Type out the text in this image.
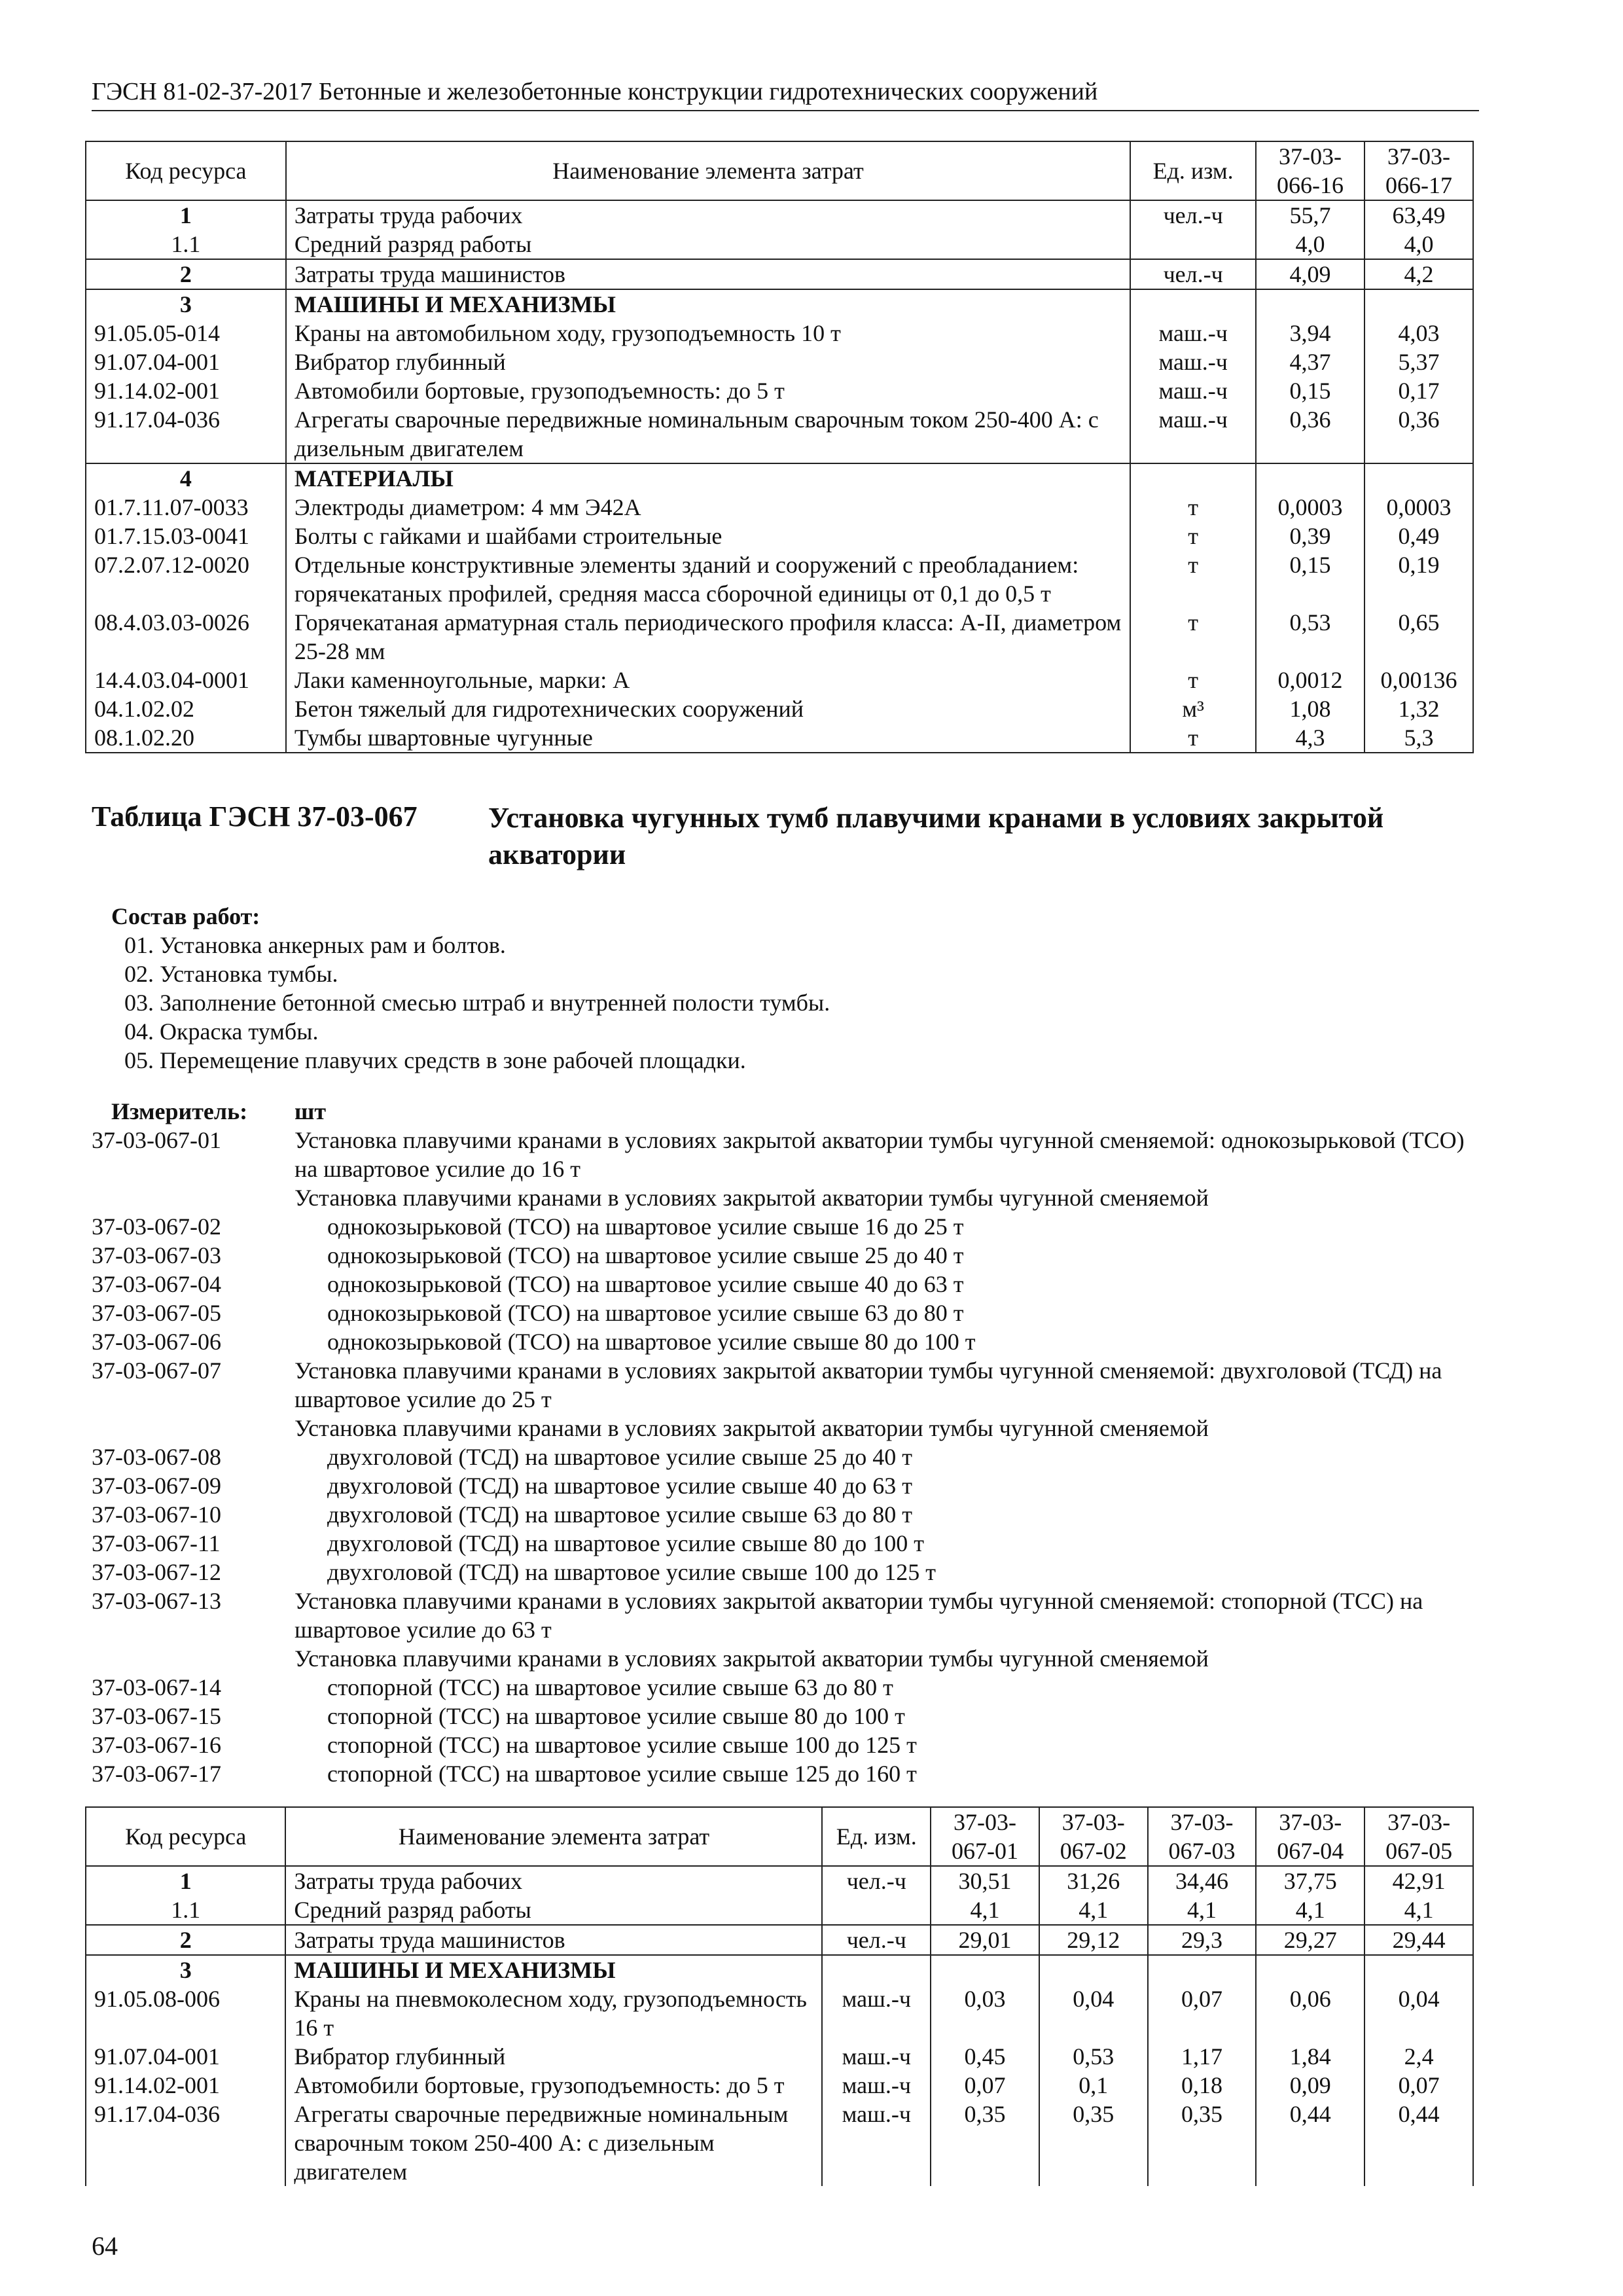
ГЭСН 81-02-37-2017 Бетонные и железобетонные конструкции гидротехнических сооружений
Код ресурса	Наименование элемента затрат	Ед. изм.	37-03-066-16	37-03-066-17
1	Затраты труда рабочих	чел.-ч	55,7	63,49
1.1	Средний разряд работы		4,0	4,0
2	Затраты труда машинистов	чел.-ч	4,09	4,2
3	МАШИНЫ И МЕХАНИЗМЫ			
91.05.05-014	Краны на автомобильном ходу, грузоподъемность 10 т	маш.-ч	3,94	4,03
91.07.04-001	Вибратор глубинный	маш.-ч	4,37	5,37
91.14.02-001	Автомобили бортовые, грузоподъемность: до 5 т	маш.-ч	0,15	0,17
91.17.04-036	Агрегаты сварочные передвижные номинальным сварочным током 250-400 А: с дизельным двигателем	маш.-ч	0,36	0,36
4	МАТЕРИАЛЫ			
01.7.11.07-0033	Электроды диаметром: 4 мм Э42А	т	0,0003	0,0003
01.7.15.03-0041	Болты с гайками и шайбами строительные	т	0,39	0,49
07.2.07.12-0020	Отдельные конструктивные элементы зданий и сооружений с преобладанием: горячекатаных профилей, средняя масса сборочной единицы от 0,1 до 0,5 т	т	0,15	0,19
08.4.03.03-0026	Горячекатаная арматурная сталь периодического профиля класса: А-II, диаметром 25-28 мм	т	0,53	0,65
14.4.03.04-0001	Лаки каменноугольные, марки: А	т	0,0012	0,00136
04.1.02.02	Бетон тяжелый для гидротехнических сооружений	м³	1,08	1,32
08.1.02.20	Тумбы швартовные чугунные	т	4,3	5,3
Таблица ГЭСН 37-03-067 Установка чугунных тумб плавучими кранами в условиях закрытой акватории
Состав работ:
01. Установка анкерных рам и болтов.
02. Установка тумбы.
03. Заполнение бетонной смесью штраб и внутренней полости тумбы.
04. Окраска тумбы.
05. Перемещение плавучих средств в зоне рабочей площадки.
Измеритель:	шт
37-03-067-01	Установка плавучими кранами в условиях закрытой акватории тумбы чугунной сменяемой: однокозырьковой (ТСО) на швартовое усилие до 16 т
Установка плавучими кранами в условиях закрытой акватории тумбы чугунной сменяемой
37-03-067-02	однокозырьковой (ТСО) на швартовое усилие свыше 16 до 25 т
37-03-067-03	однокозырьковой (ТСО) на швартовое усилие свыше 25 до 40 т
37-03-067-04	однокозырьковой (ТСО) на швартовое усилие свыше 40 до 63 т
37-03-067-05	однокозырьковой (ТСО) на швартовое усилие свыше 63 до 80 т
37-03-067-06	однокозырьковой (ТСО) на швартовое усилие свыше 80 до 100 т
37-03-067-07	Установка плавучими кранами в условиях закрытой акватории тумбы чугунной сменяемой: двухголовой (ТСД) на швартовое усилие до 25 т
Установка плавучими кранами в условиях закрытой акватории тумбы чугунной сменяемой
37-03-067-08	двухголовой (ТСД) на швартовое усилие свыше 25 до 40 т
37-03-067-09	двухголовой (ТСД) на швартовое усилие свыше 40 до 63 т
37-03-067-10	двухголовой (ТСД) на швартовое усилие свыше 63 до 80 т
37-03-067-11	двухголовой (ТСД) на швартовое усилие свыше 80 до 100 т
37-03-067-12	двухголовой (ТСД) на швартовое усилие свыше 100 до 125 т
37-03-067-13	Установка плавучими кранами в условиях закрытой акватории тумбы чугунной сменяемой: стопорной (ТСС) на швартовое усилие до 63 т
Установка плавучими кранами в условиях закрытой акватории тумбы чугунной сменяемой
37-03-067-14	стопорной (ТСС) на швартовое усилие свыше 63 до 80 т
37-03-067-15	стопорной (ТСС) на швартовое усилие свыше 80 до 100 т
37-03-067-16	стопорной (ТСС) на швартовое усилие свыше 100 до 125 т
37-03-067-17	стопорной (ТСС) на швартовое усилие свыше 125 до 160 т
Код ресурса	Наименование элемента затрат	Ед. изм.	37-03-067-01	37-03-067-02	37-03-067-03	37-03-067-04	37-03-067-05
1	Затраты труда рабочих	чел.-ч	30,51	31,26	34,46	37,75	42,91
1.1	Средний разряд работы		4,1	4,1	4,1	4,1	4,1
2	Затраты труда машинистов	чел.-ч	29,01	29,12	29,3	29,27	29,44
3	МАШИНЫ И МЕХАНИЗМЫ						
91.05.08-006	Краны на пневмоколесном ходу, грузоподъемность 16 т	маш.-ч	0,03	0,04	0,07	0,06	0,04
91.07.04-001	Вибратор глубинный	маш.-ч	0,45	0,53	1,17	1,84	2,4
91.14.02-001	Автомобили бортовые, грузоподъемность: до 5 т	маш.-ч	0,07	0,1	0,18	0,09	0,07
91.17.04-036	Агрегаты сварочные передвижные номинальным сварочным током 250-400 А: с дизельным двигателем	маш.-ч	0,35	0,35	0,35	0,44	0,44
64
